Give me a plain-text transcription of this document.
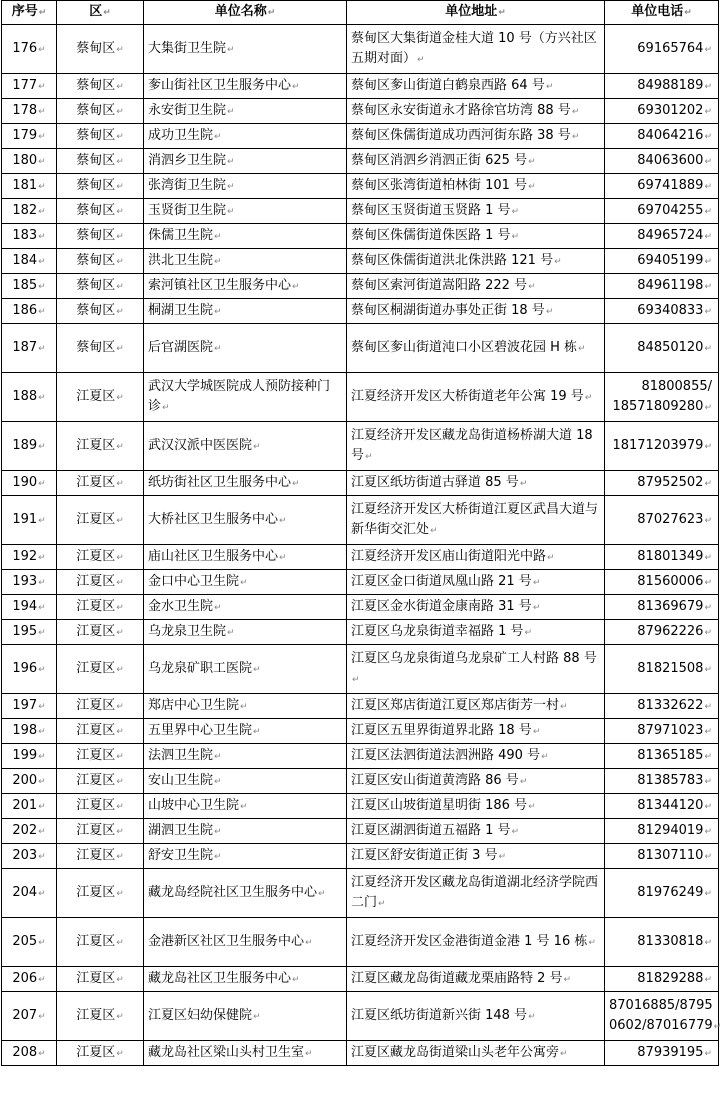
序号↵	区↵	单位名称↵	单位地址↵	单位电话↵
176↵	蔡甸区↵	大集街卫生院↵	蔡甸区大集街道金桂大道 10 号（方兴社区五期对面）↵	69165764↵
177↵	蔡甸区↵	奓山街社区卫生服务中心↵	蔡甸区奓山街道白鹤泉西路 64 号↵	84988189↵
178↵	蔡甸区↵	永安街卫生院↵	蔡甸区永安街道永才路徐官坊湾 88 号↵	69301202↵
179↵	蔡甸区↵	成功卫生院↵	蔡甸区侏儒街道成功西河街东路 38 号↵	84064216↵
180↵	蔡甸区↵	消泗乡卫生院↵	蔡甸区消泗乡消泗正街 625 号↵	84063600↵
181↵	蔡甸区↵	张湾街卫生院↵	蔡甸区张湾街道柏林街 101 号↵	69741889↵
182↵	蔡甸区↵	玉贤街卫生院↵	蔡甸区玉贤街道玉贤路 1 号↵	69704255↵
183↵	蔡甸区↵	侏儒卫生院↵	蔡甸区侏儒街道侏医路 1 号↵	84965724↵
184↵	蔡甸区↵	洪北卫生院↵	蔡甸区侏儒街道洪北侏洪路 121 号↵	69405199↵
185↵	蔡甸区↵	索河镇社区卫生服务中心↵	蔡甸区索河街道嵩阳路 222 号↵	84961198↵
186↵	蔡甸区↵	桐湖卫生院↵	蔡甸区桐湖街道办事处正街 18 号↵	69340833↵
187↵	蔡甸区↵	后官湖医院↵	蔡甸区奓山街道沌口小区碧波花园 H 栋↵	84850120↵
188↵	江夏区↵	武汉大学城医院成人预防接种门诊↵	江夏经济开发区大桥街道老年公寓 19 号↵	81800855/ 18571809280↵
189↵	江夏区↵	武汉汉派中医医院↵	江夏经济开发区藏龙岛街道杨桥湖大道 18 号↵	18171203979↵
190↵	江夏区↵	纸坊街社区卫生服务中心↵	江夏区纸坊街道古驿道 85 号↵	87952502↵
191↵	江夏区↵	大桥社区卫生服务中心↵	江夏经济开发区大桥街道江夏区武昌大道与新华街交汇处↵	87027623↵
192↵	江夏区↵	庙山社区卫生服务中心↵	江夏经济开发区庙山街道阳光中路↵	81801349↵
193↵	江夏区↵	金口中心卫生院↵	江夏区金口街道凤凰山路 21 号↵	81560006↵
194↵	江夏区↵	金水卫生院↵	江夏区金水街道金康南路 31 号↵	81369679↵
195↵	江夏区↵	乌龙泉卫生院↵	江夏区乌龙泉街道幸福路 1 号↵	87962226↵
196↵	江夏区↵	乌龙泉矿职工医院↵	江夏区乌龙泉街道乌龙泉矿工人村路 88 号↵	81821508↵
197↵	江夏区↵	郑店中心卫生院↵	江夏区郑店街道江夏区郑店街芳一村↵	81332622↵
198↵	江夏区↵	五里界中心卫生院↵	江夏区五里界街道界北路 18 号↵	87971023↵
199↵	江夏区↵	法泗卫生院↵	江夏区法泗街道法泗洲路 490 号↵	81365185↵
200↵	江夏区↵	安山卫生院↵	江夏区安山街道黄湾路 86 号↵	81385783↵
201↵	江夏区↵	山坡中心卫生院↵	江夏区山坡街道星明街 186 号↵	81344120↵
202↵	江夏区↵	湖泗卫生院↵	江夏区湖泗街道五福路 1 号↵	81294019↵
203↵	江夏区↵	舒安卫生院↵	江夏区舒安街道正街 3 号↵	81307110↵
204↵	江夏区↵	藏龙岛经院社区卫生服务中心↵	江夏经济开发区藏龙岛街道湖北经济学院西二门↵	81976249↵
205↵	江夏区↵	金港新区社区卫生服务中心↵	江夏经济开发区金港街道金港 1 号 16 栋↵	81330818↵
206↵	江夏区↵	藏龙岛社区卫生服务中心↵	江夏区藏龙岛街道藏龙栗庙路特 2 号↵	81829288↵
207↵	江夏区↵	江夏区妇幼保健院↵	江夏区纸坊街道新兴街 148 号↵	87016885/8795 0602/87016779↵
208↵	江夏区↵	藏龙岛社区梁山头村卫生室↵	江夏区藏龙岛街道梁山头老年公寓旁↵	87939195↵
